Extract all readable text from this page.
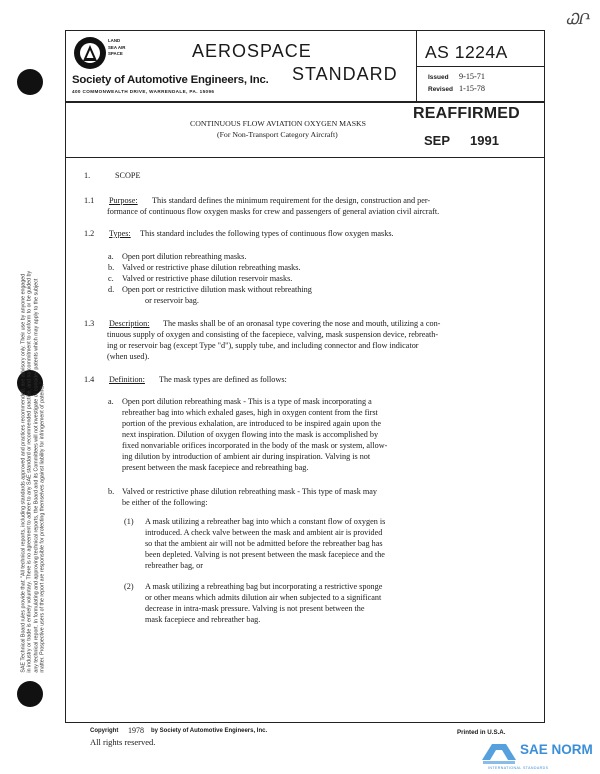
ᏇՐ
SAE Technical Board rules provide that: "All technical reports, including standards approved and practices recommended, are advisory only. Their use by anyone engaged in industry or trade is entirely voluntary. There is no agreement to adhere to any SAE standard or recommended practice, and no commitment to conform to or be guided by any technical report. In formulating and approving technical reports, the Board and its Committees will not investigate or consider patents which may apply to the subject matter. Prospective users of the report are responsible for protecting themselves against liability for infringement of patents."
LAND SEA AIR SPACE
Society of Automotive Engineers, Inc.
400 COMMONWEALTH DRIVE, WARRENDALE, PA. 15096
AEROSPACE
STANDARD
AS 1224A
Issued 9-15-71
Revised 1-15-78
CONTINUOUS FLOW AVIATION OXYGEN MASKS
(For Non-Transport Category Aircraft)
REAFFIRMED
SEP 1991
1.	SCOPE
1.1 Purpose: This standard defines the minimum requirement for the design, construction and per-
formance of continuous flow oxygen masks for crew and passengers of general aviation civil aircraft.
1.2 Types: This standard includes the following types of continuous flow oxygen masks.
a. Open port dilution rebreathing masks.
b. Valved or restrictive phase dilution rebreathing masks.
c. Valved or restrictive phase dilution reservoir masks.
d. Open port or restrictive dilution mask without rebreathing
or reservoir bag.
1.3 Description: The masks shall be of an oronasal type covering the nose and mouth, utilizing a con-
tinuous supply of oxygen and consisting of the facepiece, valving, mask suspension device, rebreath-
ing or reservoir bag (except Type "d"), supply tube, and including connector and flow indicator
(when used).
1.4 Definition: The mask types are defined as follows:
a. Open port dilution rebreathing mask - This is a type of mask incorporating a
rebreather bag into which exhaled gases, high in oxygen content from the first
portion of the previous exhalation, are introduced to be inspired again upon the
next inspiration. Dilution of oxygen flowing into the mask is accomplished by
fixed nonvariable orifices incorporated in the body of the mask or system, allow-
ing dilution by introduction of ambient air during inspiration. Valving is not
present between the mask facepiece and rebreathing bag.
b. Valved or restrictive phase dilution rebreathing mask - This type of mask may
be either of the following:
(1) A mask utilizing a rebreather bag into which a constant flow of oxygen is
introduced. A check valve between the mask and ambient air is provided
so that the ambient air will not be admitted before the rebreather bag has
been depleted. Valving is not present between the mask facepiece and the
rebreather bag, or
(2) A mask utilizing a rebreathing bag but incorporating a restrictive sponge
or other means which admits dilution air when subjected to a significant
decrease in intra-mask pressure. Valving is not present between the
mask facepiece and rebreather bag.
Copyright 1978 by Society of Automotive Engineers, Inc.
All rights reserved.
Printed in U.S.A.
SAE NORM
INTERNATIONAL STANDARDS
